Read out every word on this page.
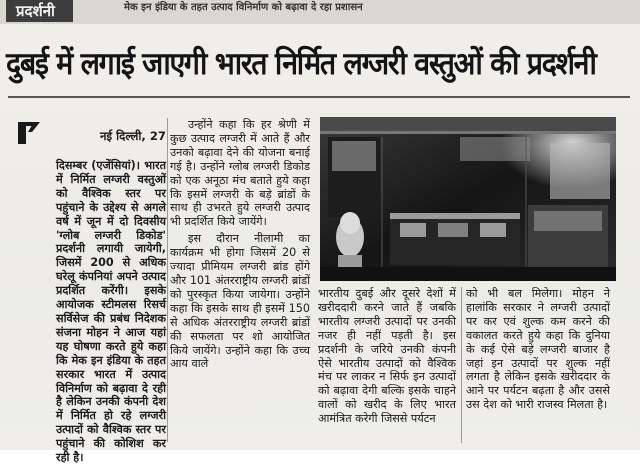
प्रदर्शनी	मेक इन इंडिया के तहत उत्पाद विनिर्माण को बढ़ावा दे रहा प्रशासन
दुबई में लगाई जाएगी भारत निर्मित लग्जरी वस्तुओं की प्रदर्शनी

नई दिल्ली, 27

दिसम्बर (एजेंसियां)। भारत में निर्मित लग्जरी वस्तुओं को वैश्विक स्तर पर पहुंचाने के उद्देश्य से अगले वर्ष में जून में दो दिवसीय 'ग्लोब लग्जरी डिकोड' प्रदर्शनी लगायी जायेगी, जिसमें 200 से अधिक घरेलू कंपनियां अपने उत्पाद प्रदर्शित करेंगी। इसके आयोजक स्टीमलस रिसर्च सर्विसेज की प्रबंध निदेशक संजना मोहन ने आज यहां यह घोषणा करते हुये कहा कि मेक इन इंडिया के तहत सरकार भारत में उत्पाद विनिर्माण को बढ़ावा दे रही है लेकिन उनकी कंपनी देश में निर्मित हो रहे लग्जरी उत्पादों को वैश्विक स्तर पर पहुंचाने की कोशिश कर रही है।

उन्होंने कहा कि हर श्रेणी में कुछ उत्पाद लग्जरी में आते हैं और उनको बढ़ावा देने की योजना बनाई गई है। उन्होंने ग्लोब लग्जरी डिकोड को एक अनूठा मंच बताते हुये कहा कि इसमें लग्जरी के बड़े ब्रांडों के साथ ही उभरते हुये लग्जरी उत्पाद भी प्रदर्शित किये जायेंगे।

इस दौरान नीलामी का कार्यक्रम भी होगा जिसमें 20 से ज्यादा प्रीमियम लग्जरी ब्रांड होंगे और 101 अंतरराष्ट्रीय लग्जरी ब्रांडों को पुरस्कृत किया जायेगा। उन्होंने कहा कि इसके साथ ही इसमें 150 से अधिक अंतरराष्ट्रीय लग्जरी ब्रांडों की सफलता पर शो आयोजित किये जायेंगे। उन्होंने कहा कि उच्च आय वाले

भारतीय दुबई और दूसरे देशों में खरीददारी करने जाते हैं जबकि भारतीय लग्जरी उत्पादों पर उनकी नजर ही नहीं पड़ती है। इस प्रदर्शनी के जरिये उनकी कंपनी ऐसे भारतीय उत्पादों को वैश्विक मंच पर लाकर न सिर्फ इन उत्पादों को बढ़ावा देगी बल्कि इसके चाहने वालों को खरीद के लिए भारत आमंत्रित करेगी जिससे पर्यटन

को भी बल मिलेगा। मोहन ने हालांकि सरकार ने लग्जरी उत्पादों पर कर एवं शुल्क कम करने की वकालत करते हुये कहा कि दुनिया के कई ऐसे बड़े लग्जरी बाजार है जहां इन उत्पादों पर शुल्क नहीं लगता है लेकिन इसके खरीददार के आने पर पर्यटन बढ़ता है और उससे उस देश को भारी राजस्व मिलता है।
